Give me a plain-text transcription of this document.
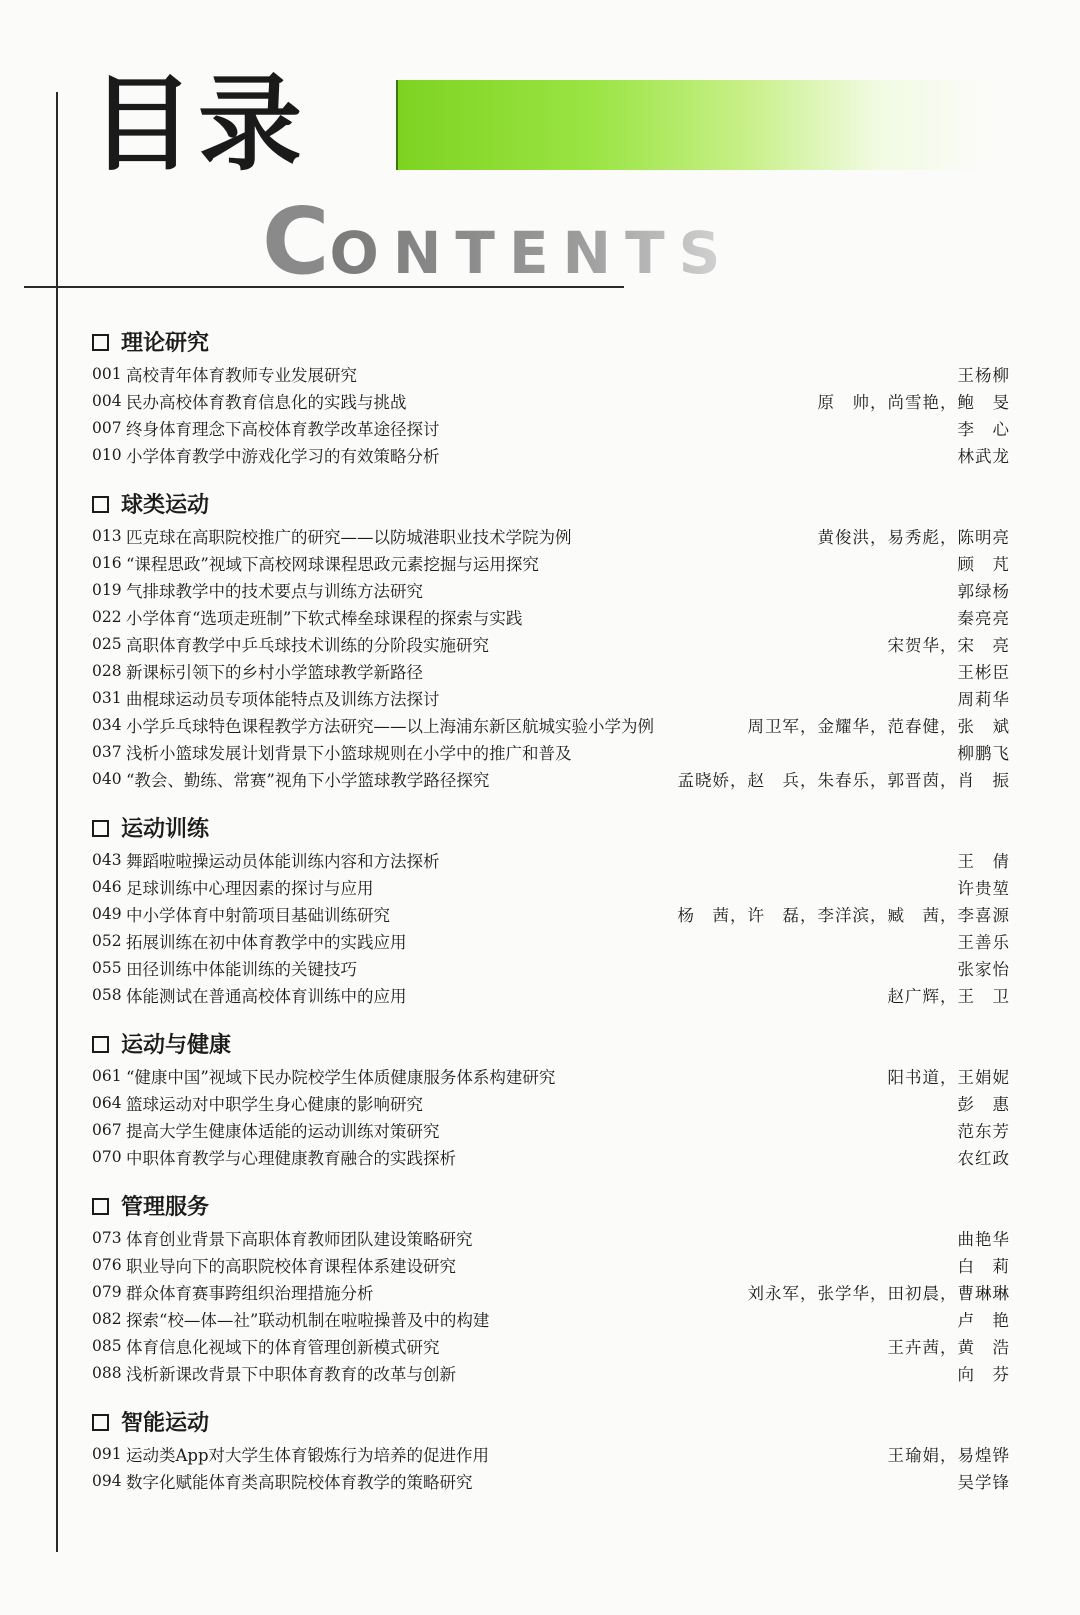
目录
CONTENTS
理论研究
001 高校青年体育教师专业发展研究	王杨柳
004 民办高校体育教育信息化的实践与挑战	原　帅，尚雪艳，鲍　旻
007 终身体育理念下高校体育教学改革途径探讨	李　心
010 小学体育教学中游戏化学习的有效策略分析	林武龙
球类运动
013 匹克球在高职院校推广的研究——以防城港职业技术学院为例	黄俊洪，易秀彪，陈明亮
016 “课程思政”视域下高校网球课程思政元素挖掘与运用探究	顾　芃
019 气排球教学中的技术要点与训练方法研究	郭绿杨
022 小学体育“选项走班制”下软式棒垒球课程的探索与实践	秦亮亮
025 高职体育教学中乒乓球技术训练的分阶段实施研究	宋贺华，宋　亮
028 新课标引领下的乡村小学篮球教学新路径	王彬臣
031 曲棍球运动员专项体能特点及训练方法探讨	周莉华
034 小学乒乓球特色课程教学方法研究——以上海浦东新区航城实验小学为例	周卫军，金耀华，范春健，张　斌
037 浅析小篮球发展计划背景下小篮球规则在小学中的推广和普及	柳鹏飞
040 “教会、勤练、常赛”视角下小学篮球教学路径探究	孟晓娇，赵　兵，朱春乐，郭晋茵，肖　振
运动训练
043 舞蹈啦啦操运动员体能训练内容和方法探析	王　倩
046 足球训练中心理因素的探讨与应用	许贵堃
049 中小学体育中射箭项目基础训练研究	杨　茜，许　磊，李洋滨，臧　茜，李喜源
052 拓展训练在初中体育教学中的实践应用	王善乐
055 田径训练中体能训练的关键技巧	张家怡
058 体能测试在普通高校体育训练中的应用	赵广辉，王　卫
运动与健康
061 “健康中国”视域下民办院校学生体质健康服务体系构建研究	阳书道，王娟妮
064 篮球运动对中职学生身心健康的影响研究	彭　惠
067 提高大学生健康体适能的运动训练对策研究	范东芳
070 中职体育教学与心理健康教育融合的实践探析	农红政
管理服务
073 体育创业背景下高职体育教师团队建设策略研究	曲艳华
076 职业导向下的高职院校体育课程体系建设研究	白　莉
079 群众体育赛事跨组织治理措施分析	刘永军，张学华，田初晨，曹琳琳
082 探索“校—体—社”联动机制在啦啦操普及中的构建	卢　艳
085 体育信息化视域下的体育管理创新模式研究	王卉茜，黄　浩
088 浅析新课改背景下中职体育教育的改革与创新	向　芬
智能运动
091 运动类App对大学生体育锻炼行为培养的促进作用	王瑜娟，易煌铧
094 数字化赋能体育类高职院校体育教学的策略研究	吴学锋
